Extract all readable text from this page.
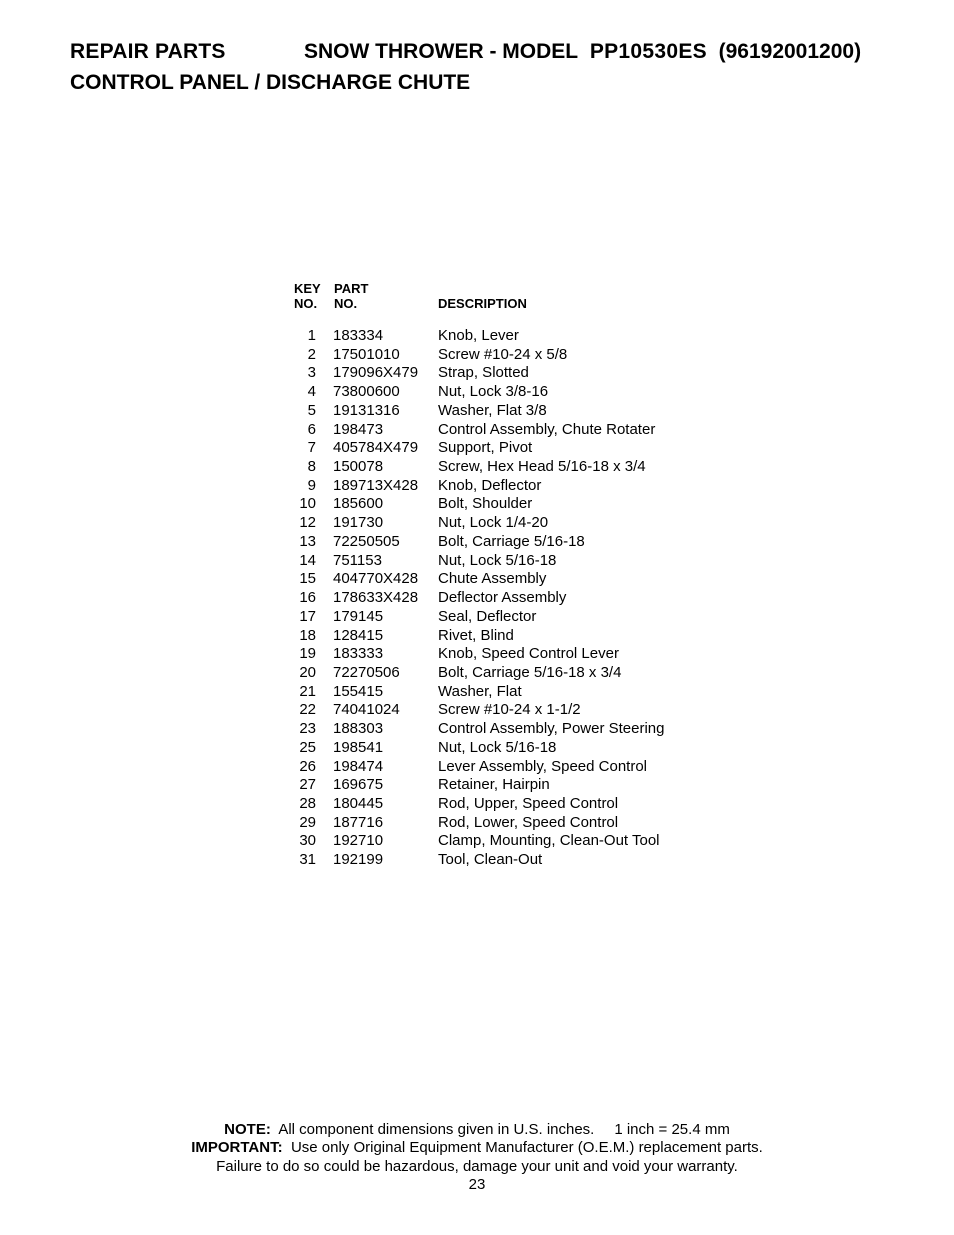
REPAIR PARTS	SNOW THROWER - MODEL PP10530ES (96192001200)
CONTROL PANEL / DISCHARGE CHUTE
KEY
NO.
PART
NO.	DESCRIPTION
1 183334	Knob, Lever
2 17501010	Screw #10-24 x 5/8
3 179096X479 Strap, Slotted
4 73800600	Nut, Lock 3/8-16
5 19131316	Washer, Flat 3/8
6 198473	Control Assembly, Chute Rotater
7 405784X479 Support, Pivot
8 150078	Screw, Hex Head 5/16-18 x 3/4
9 189713X428 Knob, Deflector
10 185600	Bolt, Shoulder
12 191730	Nut, Lock 1/4-20
13 72250505	Bolt, Carriage 5/16-18
14 751153	Nut, Lock 5/16-18
15 404770X428 Chute Assembly
16 178633X428 Deflector Assembly
17 179145	Seal, Deflector
18 128415	Rivet, Blind
19 183333	Knob, Speed Control Lever
20 72270506	Bolt, Carriage 5/16-18 x 3/4
21 155415	Washer, Flat
22 74041024	Screw #10-24 x 1-1/2
23 188303	Control Assembly, Power Steering
25 198541	Nut, Lock 5/16-18
26 198474	Lever Assembly, Speed Control
27 169675	Retainer, Hairpin
28 180445	Rod, Upper, Speed Control
29 187716	Rod, Lower, Speed Control
30 192710	Clamp, Mounting, Clean-Out Tool
31 192199	Tool, Clean-Out
NOTE: All component dimensions given in U.S. inches. 1 inch = 25.4 mm
IMPORTANT: Use only Original Equipment Manufacturer (O.E.M.) replacement parts.
Failure to do so could be hazardous, damage your unit and void your warranty.
23
